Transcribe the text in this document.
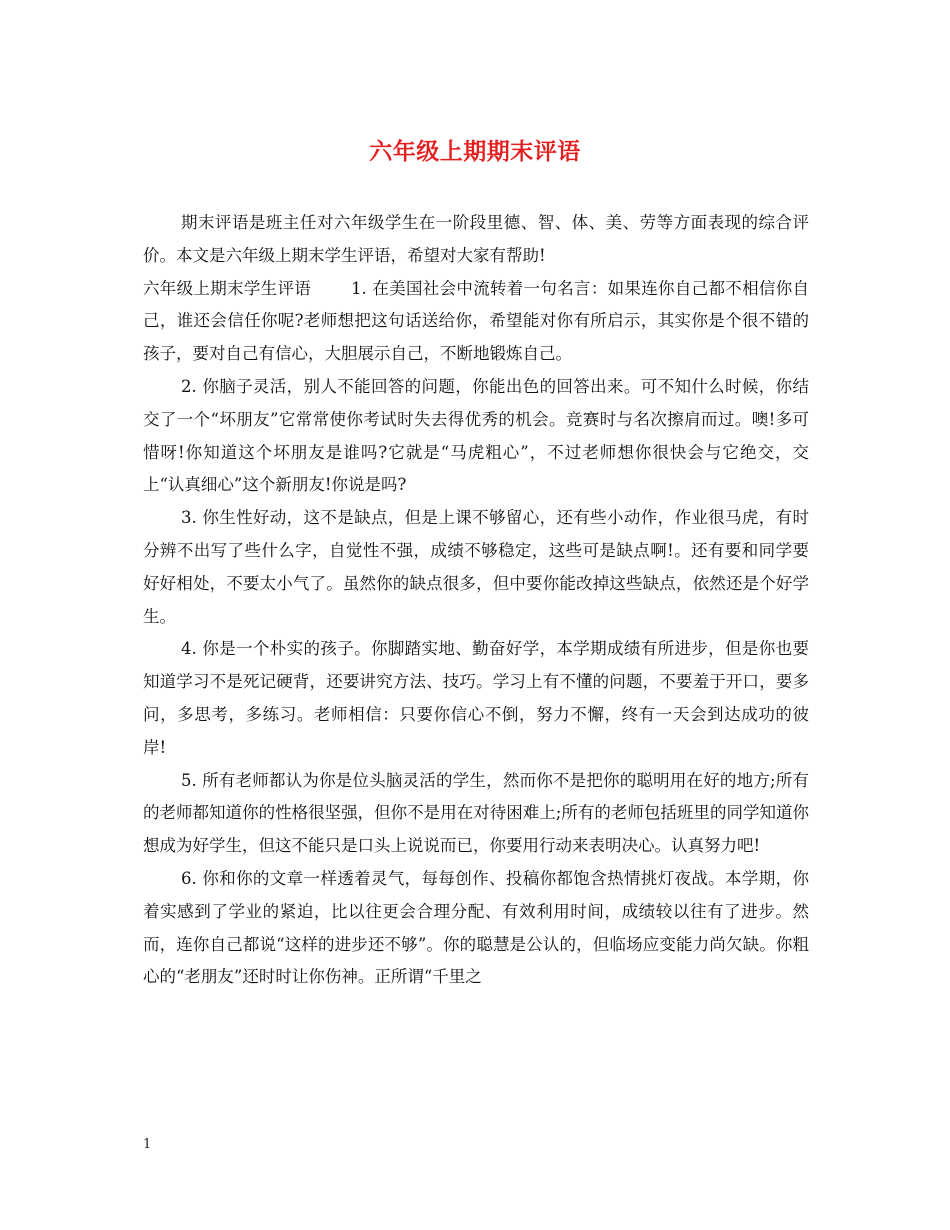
六年级上期期末评语

期末评语是班主任对六年级学生在一阶段里德、智、体、美、劳等方面表现的综合评价。本文是六年级上期末学生评语，希望对大家有帮助!

六年级上期末学生评语 1. 在美国社会中流转着一句名言：如果连你自己都不相信你自己，谁还会信任你呢?老师想把这句话送给你，希望能对你有所启示，其实你是个很不错的孩子，要对自己有信心，大胆展示自己，不断地锻炼自己。

2. 你脑子灵活，别人不能回答的问题，你能出色的回答出来。可不知什么时候，你结交了一个“坏朋友”它常常使你考试时失去得优秀的机会。竞赛时与名次擦肩而过。噢!多可惜呀!你知道这个坏朋友是谁吗?它就是“马虎粗心”，不过老师想你很快会与它绝交，交上“认真细心”这个新朋友!你说是吗?

3. 你生性好动，这不是缺点，但是上课不够留心，还有些小动作，作业很马虎，有时分辨不出写了些什么字，自觉性不强，成绩不够稳定，这些可是缺点啊!。还有要和同学要好好相处，不要太小气了。虽然你的缺点很多，但中要你能改掉这些缺点，依然还是个好学生。

4. 你是一个朴实的孩子。你脚踏实地、勤奋好学，本学期成绩有所进步，但是你也要知道学习不是死记硬背，还要讲究方法、技巧。学习上有不懂的问题，不要羞于开口，要多问，多思考，多练习。老师相信：只要你信心不倒，努力不懈，终有一天会到达成功的彼岸!

5. 所有老师都认为你是位头脑灵活的学生，然而你不是把你的聪明用在好的地方;所有的老师都知道你的性格很坚强，但你不是用在对待困难上;所有的老师包括班里的同学知道你想成为好学生，但这不能只是口头上说说而已，你要用行动来表明决心。认真努力吧!

6. 你和你的文章一样透着灵气，每每创作、投稿你都饱含热情挑灯夜战。本学期，你着实感到了学业的紧迫，比以往更会合理分配、有效利用时间，成绩较以往有了进步。然而，连你自己都说“这样的进步还不够”。你的聪慧是公认的，但临场应变能力尚欠缺。你粗心的“老朋友”还时时让你伤神。正所谓“千里之

1
